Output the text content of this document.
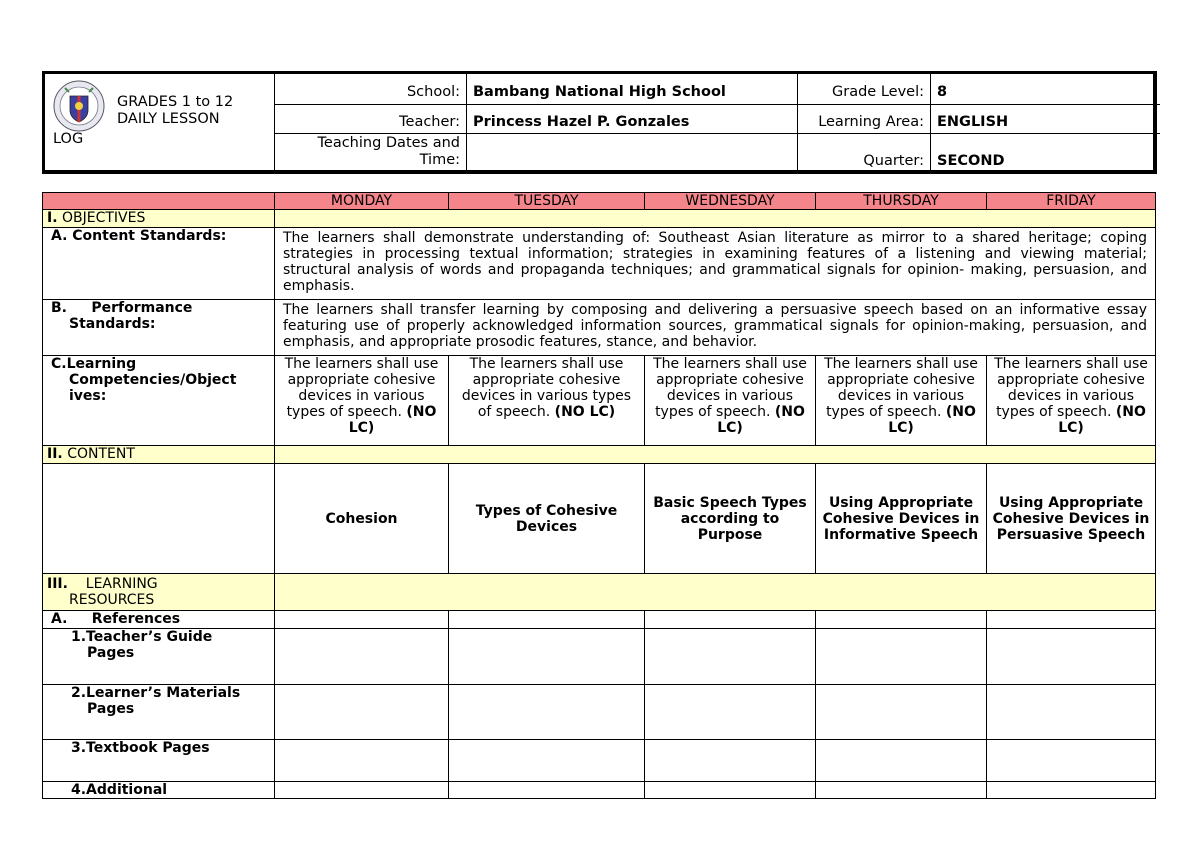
GRADES 1 to 12
DAILY LESSON
LOG
School: Bambang National High School	Grade Level: 8
Teacher: Princess Hazel P. Gonzales	Learning Area: ENGLISH
Teaching Dates and
Time:	Quarter: SECOND
	MONDAY	TUESDAY	WEDNESDAY	THURSDAY	FRIDAY
I. OBJECTIVES					
A. Content Standards:	The learners shall demonstrate understanding of: Southeast Asian literature as mirror to a shared heritage; coping strategies in processing textual information; strategies in examining features of a listening and viewing material; structural analysis of words and propaganda techniques; and grammatical signals for opinion- making, persuasion, and emphasis.				

B.     Performance
Standards:	The learners shall transfer learning by composing and delivering a persuasive speech based on an informative essay featuring use of properly acknowledged information sources, grammatical signals for opinion-making, persuasion, and emphasis, and appropriate prosodic features, stance, and behavior.				

C.Learning
Competencies/Object
ives:	The learners shall use appropriate cohesive devices in various types of speech. (NO LC)	The learners shall use appropriate cohesive devices in various types of speech. (NO LC)	The learners shall use appropriate cohesive devices in various types of speech. (NO LC)	The learners shall use appropriate cohesive devices in various types of speech. (NO LC)	The learners shall use appropriate cohesive devices in various types of speech. (NO LC)
II. CONTENT					
	Cohesion	Types of Cohesive Devices	Basic Speech Types according to Purpose	Using Appropriate Cohesive Devices in Informative Speech	Using Appropriate Cohesive Devices in Persuasive Speech

III. LEARNING
RESOURCES					

A.     References					

1.Teacher’s Guide
Pages					

2.Learner’s Materials
Pages					

3.Textbook Pages					

4.Additional					
